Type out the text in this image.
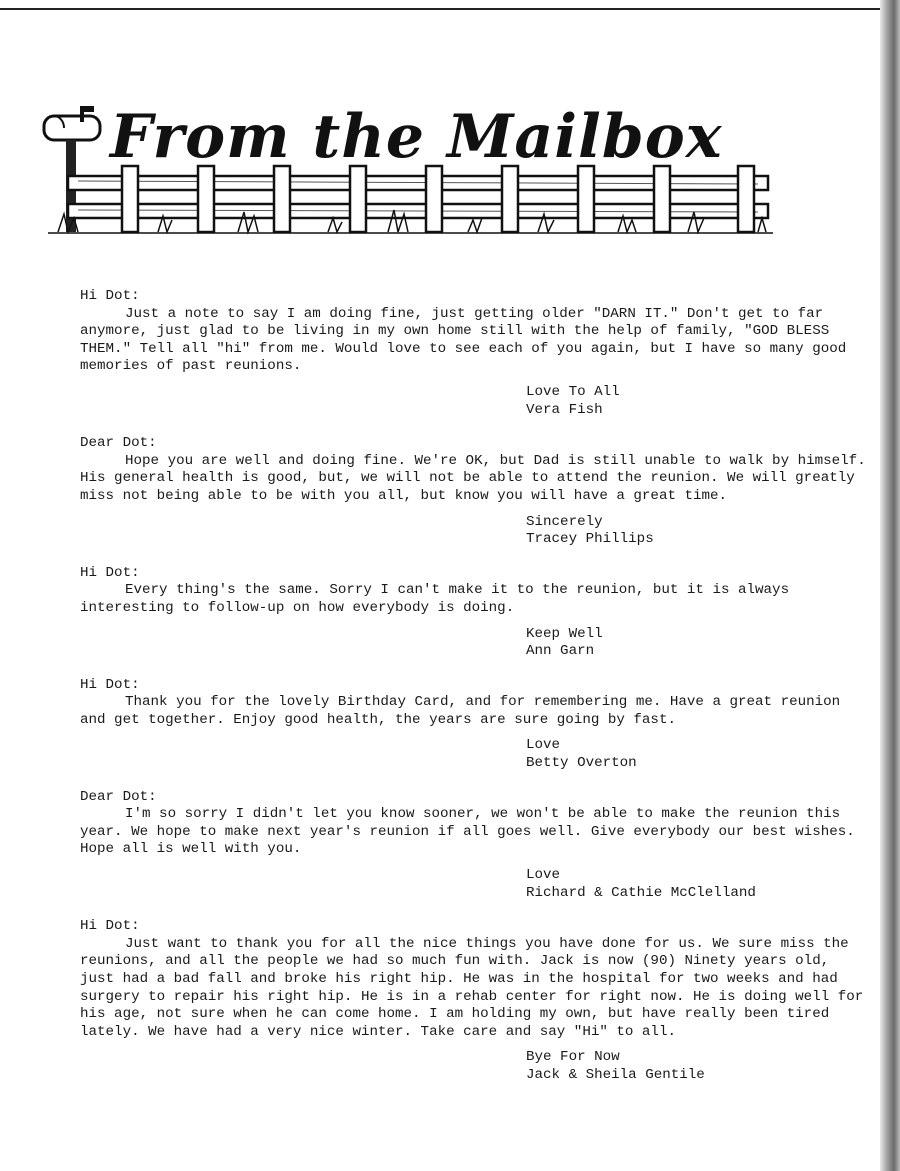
From the Mailbox
Hi Dot:

Just a note to say I am doing fine, just getting older "DARN IT." Don't get to far anymore, just glad to be living in my own home still with the help of family, "GOD BLESS THEM." Tell all "hi" from me. Would love to see each of you again, but I have so many good memories of past reunions.

Love To All
Vera Fish
Dear Dot:

Hope you are well and doing fine. We're OK, but Dad is still unable to walk by himself. His general health is good, but, we will not be able to attend the reunion. We will greatly miss not being able to be with you all, but know you will have a great time.

Sincerely
Tracey Phillips
Hi Dot:

Every thing's the same. Sorry I can't make it to the reunion, but it is always interesting to follow-up on how everybody is doing.

Keep Well
Ann Garn
Hi Dot:

Thank you for the lovely Birthday Card, and for remembering me. Have a great reunion and get together. Enjoy good health, the years are sure going by fast.

Love
Betty Overton
Dear Dot:

I'm so sorry I didn't let you know sooner, we won't be able to make the reunion this year. We hope to make next year's reunion if all goes well. Give everybody our best wishes. Hope all is well with you.

Love
Richard & Cathie McClelland
Hi Dot:

Just want to thank you for all the nice things you have done for us. We sure miss the reunions, and all the people we had so much fun with. Jack is now (90) Ninety years old, just had a bad fall and broke his right hip. He was in the hospital for two weeks and had surgery to repair his right hip. He is in a rehab center for right now. He is doing well for his age, not sure when he can come home. I am holding my own, but have really been tired lately. We have had a very nice winter. Take care and say "Hi" to all.

Bye For Now
Jack & Sheila Gentile
